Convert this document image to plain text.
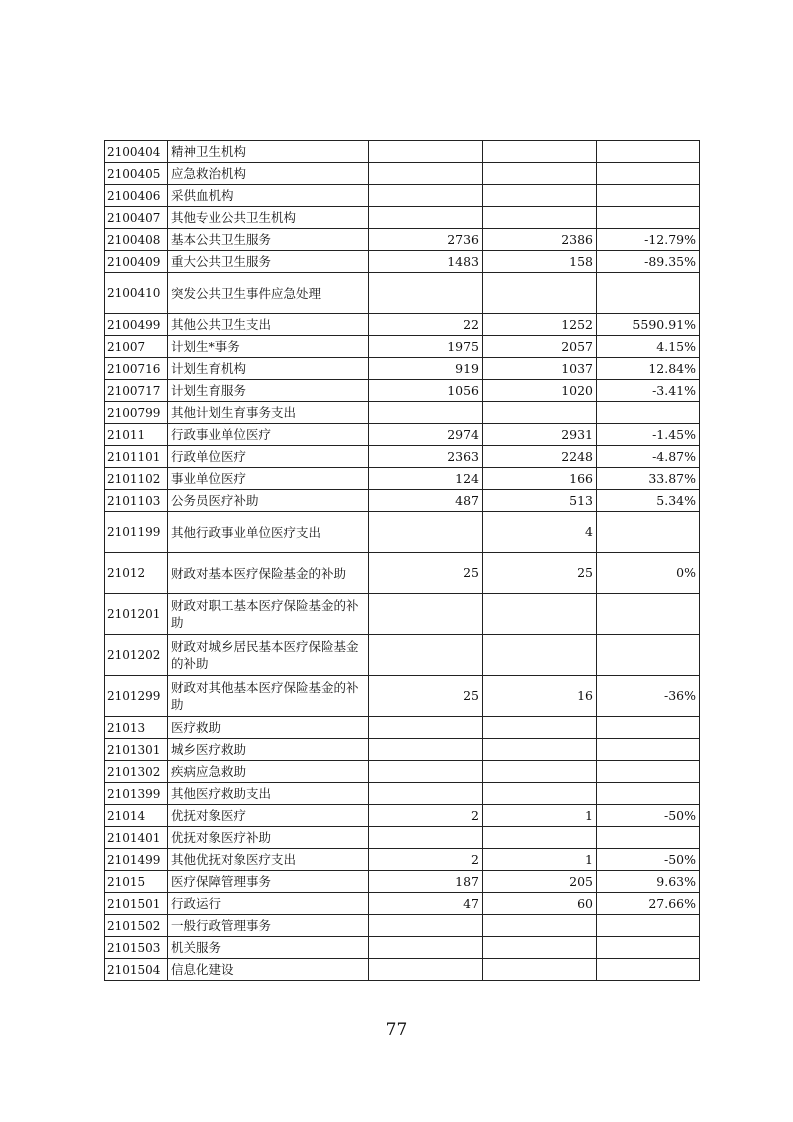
2100404	精神卫生机构			
2100405	应急救治机构			
2100406	采供血机构			
2100407	其他专业公共卫生机构			
2100408	基本公共卫生服务	2736	2386	-12.79%
2100409	重大公共卫生服务	1483	158	-89.35%
2100410	突发公共卫生事件应急处理			
2100499	其他公共卫生支出	22	1252	5590.91%
21007	计划生*事务	1975	2057	4.15%
2100716	计划生育机构	919	1037	12.84%
2100717	计划生育服务	1056	1020	-3.41%
2100799	其他计划生育事务支出			
21011	行政事业单位医疗	2974	2931	-1.45%
2101101	行政单位医疗	2363	2248	-4.87%
2101102	事业单位医疗	124	166	33.87%
2101103	公务员医疗补助	487	513	5.34%
2101199	其他行政事业单位医疗支出		4	
21012	财政对基本医疗保险基金的补助	25	25	0%
2101201	财政对职工基本医疗保险基金的补助			
2101202	财政对城乡居民基本医疗保险基金的补助			
2101299	财政对其他基本医疗保险基金的补助	25	16	-36%
21013	医疗救助			
2101301	城乡医疗救助			
2101302	疾病应急救助			
2101399	其他医疗救助支出			
21014	优抚对象医疗	2	1	-50%
2101401	优抚对象医疗补助			
2101499	其他优抚对象医疗支出	2	1	-50%
21015	医疗保障管理事务	187	205	9.63%
2101501	行政运行	47	60	27.66%
2101502	一般行政管理事务			
2101503	机关服务			
2101504	信息化建设			
77
